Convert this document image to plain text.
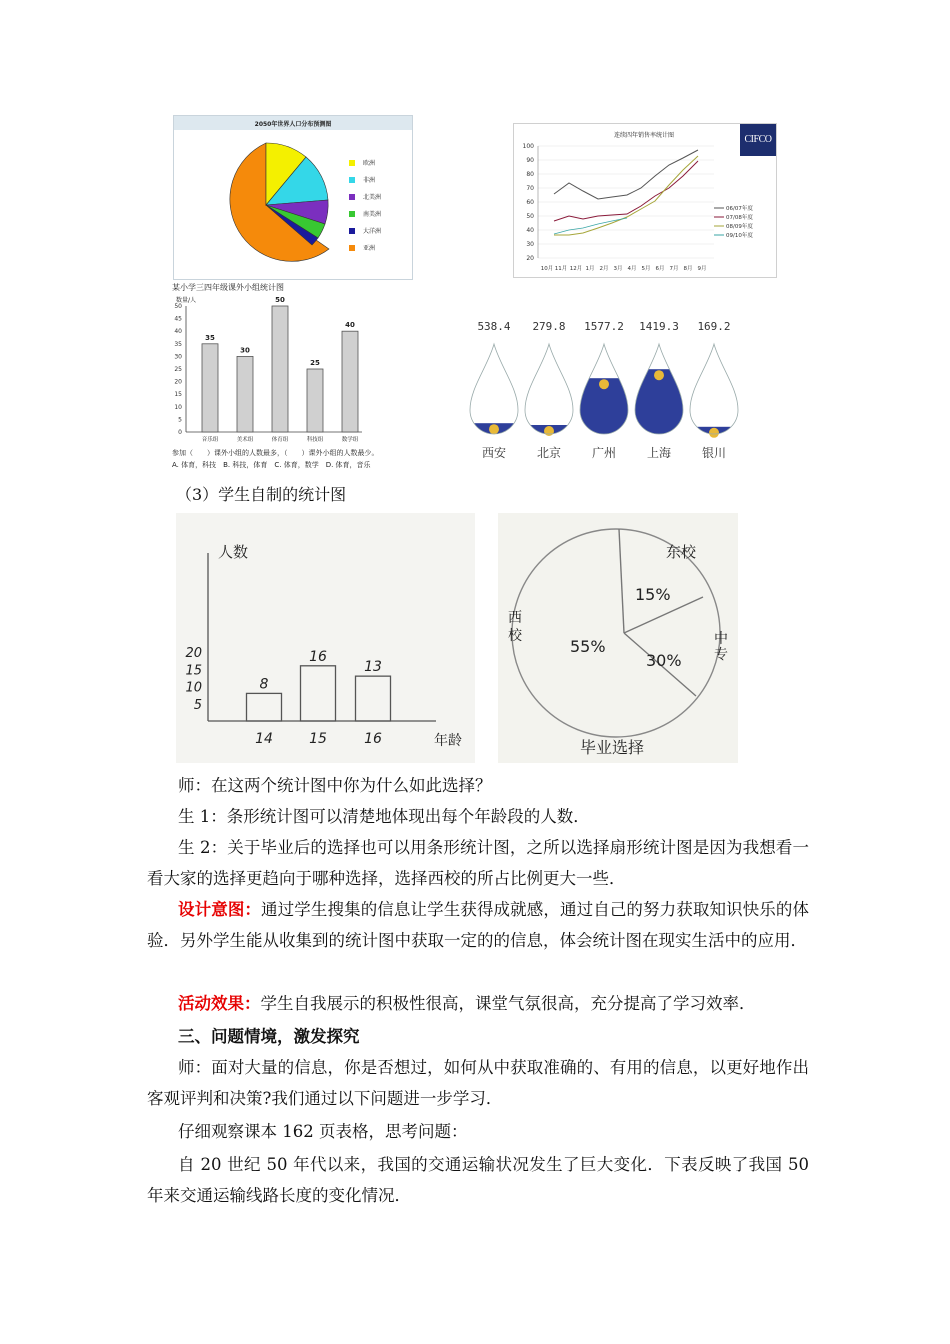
2050年世界人口分布预测图
欧洲
非洲
北美洲
南美洲
大洋洲
亚洲
连续四年销售率统计图	CIFCO
100
90
80
70
60
50
40
30
20
10月 11月 12月 1月 2月 3月 4月 5月 6月 7月 8月 9月
06/07年度
07/08年度
08/09年度
09/10年度
某小学三四年级课外小组统计图
数量/人
50
45
40
35
30
25
20
15
10
5
0
35
音乐组
30
美术组
50
体育组
25
科技组
40
数学组
参加（　　）课外小组的人数最多，（　　）课外小组的人数最少。
A. 体育，科技　B. 科技，体育　C. 体育，数学　D. 体育，音乐
538.4
西安
279.8
北京
1577.2
广州
1419.3
上海
169.2
银川
（3）学生自制的统计图
人数
年龄
20
15
10
5
8
14
16
15
13
16
东校
15%
中专
30%
西校
55%
毕业选择
师：在这两个统计图中你为什么如此选择？
生 1：条形统计图可以清楚地体现出每个年龄段的人数．
生 2：关于毕业后的选择也可以用条形统计图，之所以选择扇形统计图是因为我想看一看大家的选择更趋向于哪种选择，选择西校的所占比例更大一些．
设计意图：通过学生搜集的信息让学生获得成就感，通过自己的努力获取知识快乐的体验．另外学生能从收集到的统计图中获取一定的的信息，体会统计图在现实生活中的应用．
活动效果：学生自我展示的积极性很高，课堂气氛很高，充分提高了学习效率．
三、问题情境，激发探究
师：面对大量的信息，你是否想过，如何从中获取准确的、有用的信息，以更好地作出客观评判和决策?我们通过以下问题进一步学习．
仔细观察课本 162 页表格，思考问题：
自 20 世纪 50 年代以来，我国的交通运输状况发生了巨大变化．下表反映了我国 50 年来交通运输线路长度的变化情况．
